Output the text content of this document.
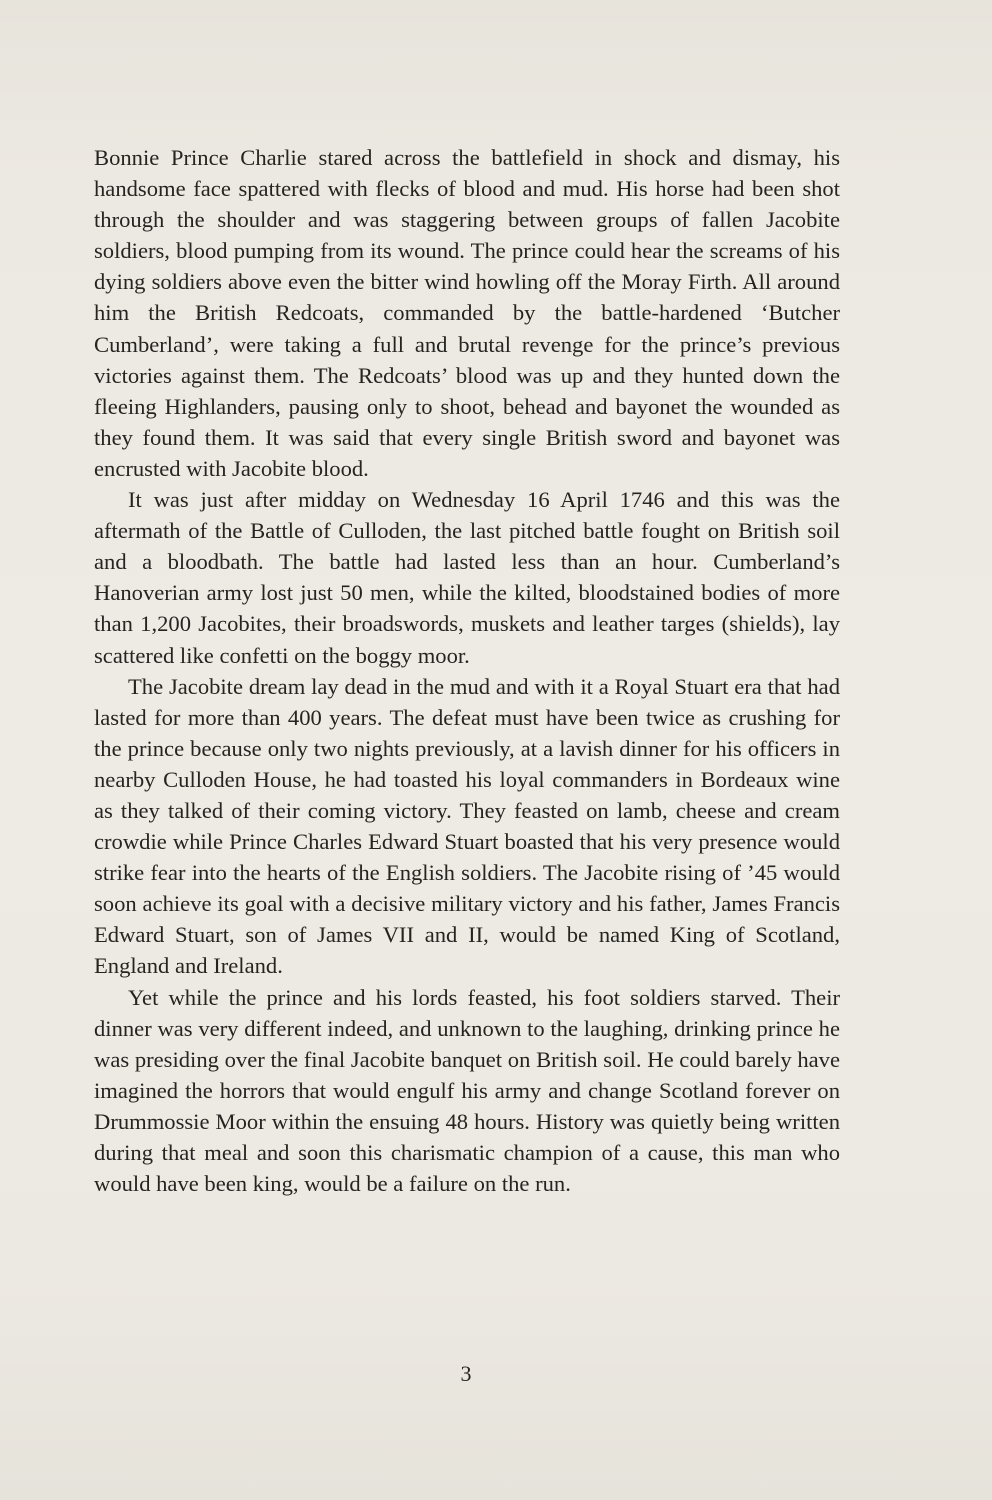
Bonnie Prince Charlie stared across the battlefield in shock and dismay, his handsome face spattered with flecks of blood and mud. His horse had been shot through the shoulder and was staggering between groups of fallen Jacobite soldiers, blood pumping from its wound. The prince could hear the screams of his dying soldiers above even the bitter wind howling off the Moray Firth. All around him the British Redcoats, commanded by the battle-hardened ‘Butcher Cumberland’, were taking a full and brutal revenge for the prince’s previous victories against them. The Redcoats’ blood was up and they hunted down the fleeing Highlanders, pausing only to shoot, behead and bayonet the wounded as they found them. It was said that every single British sword and bayonet was encrusted with Jacobite blood.

It was just after midday on Wednesday 16 April 1746 and this was the aftermath of the Battle of Culloden, the last pitched battle fought on British soil and a bloodbath. The battle had lasted less than an hour. Cumberland’s Hanoverian army lost just 50 men, while the kilted, bloodstained bodies of more than 1,200 Jacobites, their broadswords, muskets and leather targes (shields), lay scattered like confetti on the boggy moor.

The Jacobite dream lay dead in the mud and with it a Royal Stuart era that had lasted for more than 400 years. The defeat must have been twice as crushing for the prince because only two nights previously, at a lavish dinner for his officers in nearby Culloden House, he had toasted his loyal commanders in Bordeaux wine as they talked of their coming victory. They feasted on lamb, cheese and cream crowdie while Prince Charles Edward Stuart boasted that his very presence would strike fear into the hearts of the English soldiers. The Jacobite rising of ’45 would soon achieve its goal with a decisive military victory and his father, James Francis Edward Stuart, son of James VII and II, would be named King of Scotland, England and Ireland.

Yet while the prince and his lords feasted, his foot soldiers starved. Their dinner was very different indeed, and unknown to the laughing, drinking prince he was presiding over the final Jacobite banquet on British soil. He could barely have imagined the horrors that would engulf his army and change Scotland forever on Drummossie Moor within the ensuing 48 hours. History was quietly being written during that meal and soon this charismatic champion of a cause, this man who would have been king, would be a failure on the run.

3
